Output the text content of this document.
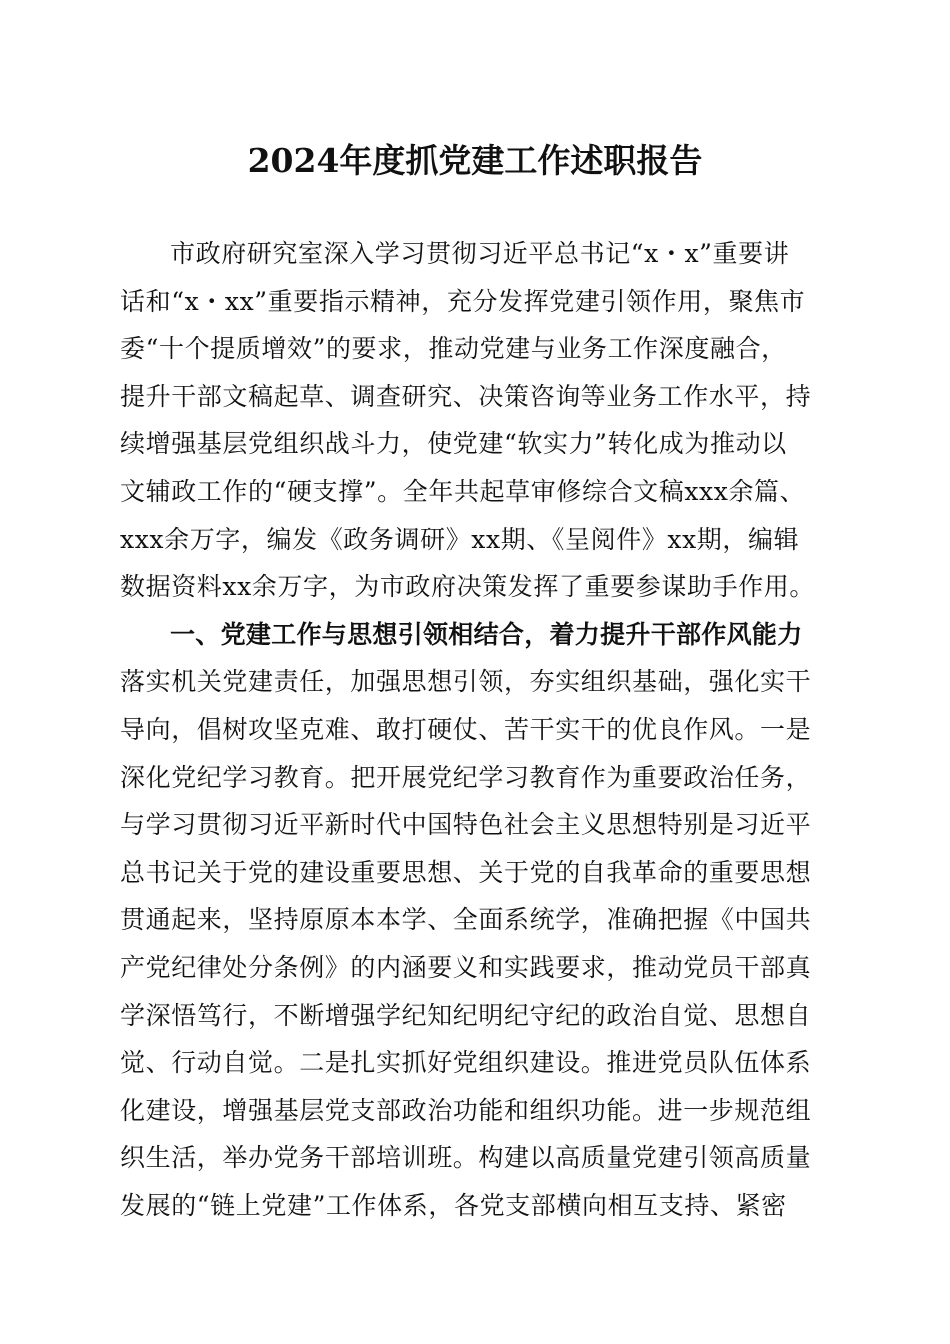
2024年度抓党建工作述职报告
市政府研究室深入学习贯彻习近平总书记“x・x”重要讲
话和“x・xx”重要指示精神，充分发挥党建引领作用，聚焦市
委“十个提质增效”的要求，推动党建与业务工作深度融合，
提升干部文稿起草、调查研究、决策咨询等业务工作水平，持
续增强基层党组织战斗力，使党建“软实力”转化成为推动以
文辅政工作的“硬支撑”。全年共起草审修综合文稿xxx余篇、
xxx余万字，编发《政务调研》xx期、《呈阅件》xx期，编辑
数据资料xx余万字，为市政府决策发挥了重要参谋助手作用。
一、党建工作与思想引领相结合，着力提升干部作风能力
落实机关党建责任，加强思想引领，夯实组织基础，强化实干
导向，倡树攻坚克难、敢打硬仗、苦干实干的优良作风。一是
深化党纪学习教育。把开展党纪学习教育作为重要政治任务，
与学习贯彻习近平新时代中国特色社会主义思想特别是习近平
总书记关于党的建设重要思想、关于党的自我革命的重要思想
贯通起来，坚持原原本本学、全面系统学，准确把握《中国共
产党纪律处分条例》的内涵要义和实践要求，推动党员干部真
学深悟笃行，不断增强学纪知纪明纪守纪的政治自觉、思想自
觉、行动自觉。二是扎实抓好党组织建设。推进党员队伍体系
化建设，增强基层党支部政治功能和组织功能。进一步规范组
织生活，举办党务干部培训班。构建以高质量党建引领高质量
发展的“链上党建”工作体系，各党支部横向相互支持、紧密
